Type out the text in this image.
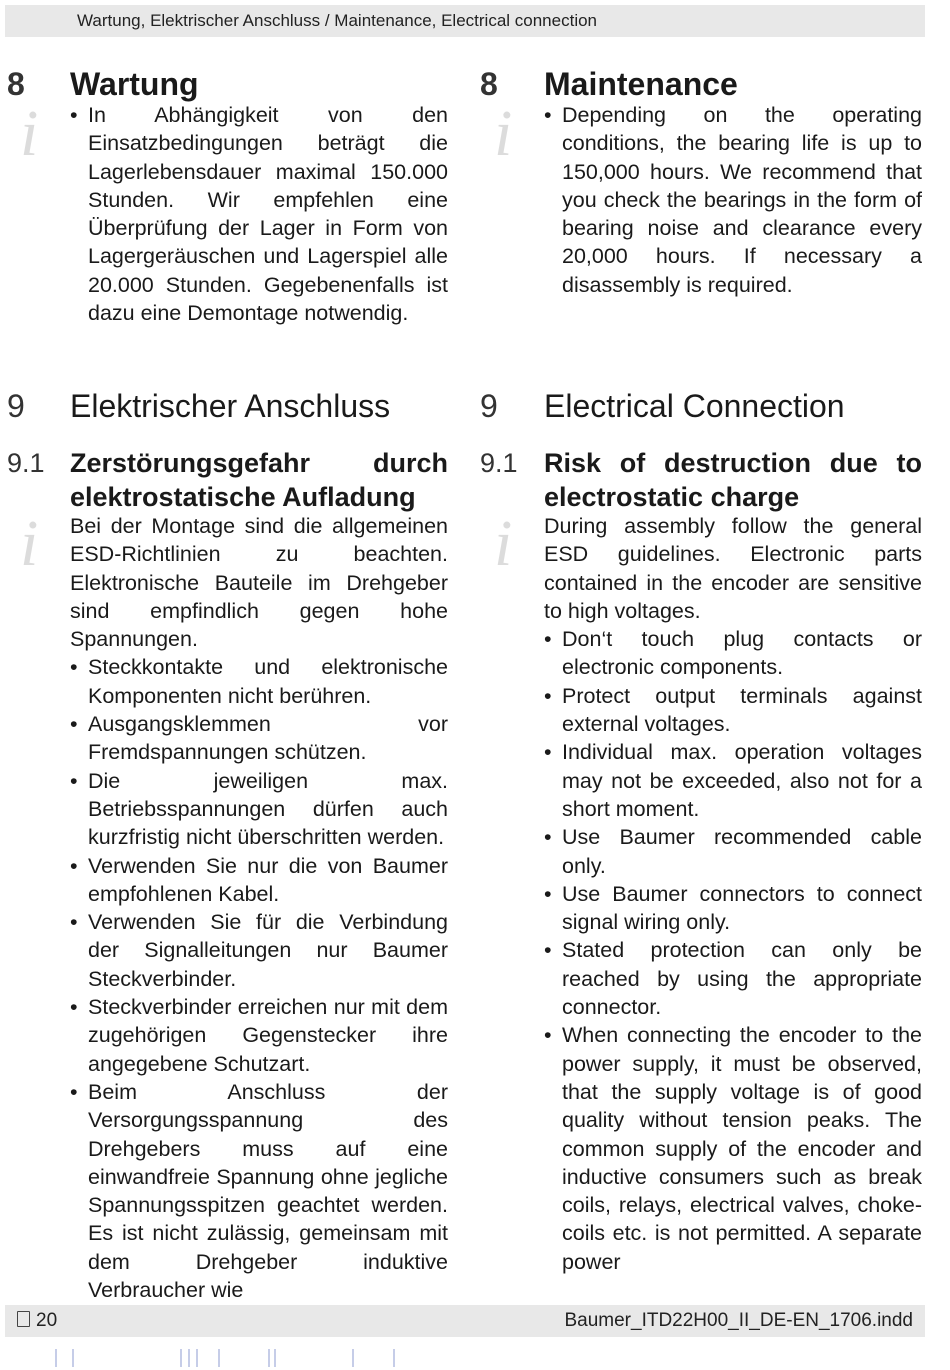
Wartung, Elektrischer Anschluss / Maintenance, Electrical connection
8 Wartung
i	• In Abhängigkeit von den Einsatzbedingungen beträgt die Lagerlebensdauer maximal 150.000 Stunden. Wir empfehlen eine Überprüfung der Lager in Form von Lagergeräuschen und Lagerspiel alle 20.000 Stunden. Gegebenenfalls ist dazu eine Demontage notwendig.
9 Elektrischer Anschluss
9.1 Zerstörungsgefahr durch elektrostatische Aufladung
i Bei der Montage sind die allgemeinen ESD-Richtlinien zu beachten. Elektronische Bauteile im Drehgeber sind empfindlich gegen hohe Spannungen.

• Steckkontakte und elektronische Komponenten nicht berühren.
• Ausgangsklemmen vor Fremdspannungen schützen.
• Die jeweiligen max. Betriebsspannungen dürfen auch kurzfristig nicht überschritten werden.
• Verwenden Sie nur die von Baumer empfohlenen Kabel.
• Verwenden Sie für die Verbindung der Signalleitungen nur Baumer Steckverbinder.
• Steckverbinder erreichen nur mit dem zugehörigen Gegenstecker ihre angegebene Schutzart.
• Beim Anschluss der Versorgungsspannung des Drehgebers muss auf eine einwandfreie Spannung ohne jegliche Spannungsspitzen geachtet werden. Es ist nicht zulässig, gemeinsam mit dem Drehgeber induktive Verbraucher wie
8 Maintenance
i	• Depending on the operating conditions, the bearing life is up to 150,000 hours. We recommend that you check the bearings in the form of bearing noise and clearance every 20,000 hours. If necessary a disassembly is required.
9 Electrical Connection
9.1 Risk of destruction due to electrostatic charge
i During assembly follow the general ESD guidelines. Electronic parts contained in the encoder are sensitive to high voltages.

• Don‘t touch plug contacts or electronic components.
• Protect output terminals against external voltages.
• Individual max. operation voltages may not be exceeded, also not for a short moment.
• Use Baumer recommended cable only.
• Use Baumer connectors to connect signal wiring only.
• Stated protection can only be reached by using the appropriate connector.
• When connecting the encoder to the power supply, it must be observed, that the supply voltage is of good quality without tension peaks. The common supply of the encoder and inductive consumers such as break coils, relays, electrical valves, choke-coils etc. is not permitted. A separate power
20	Baumer_ITD22H00_II_DE-EN_1706.indd
